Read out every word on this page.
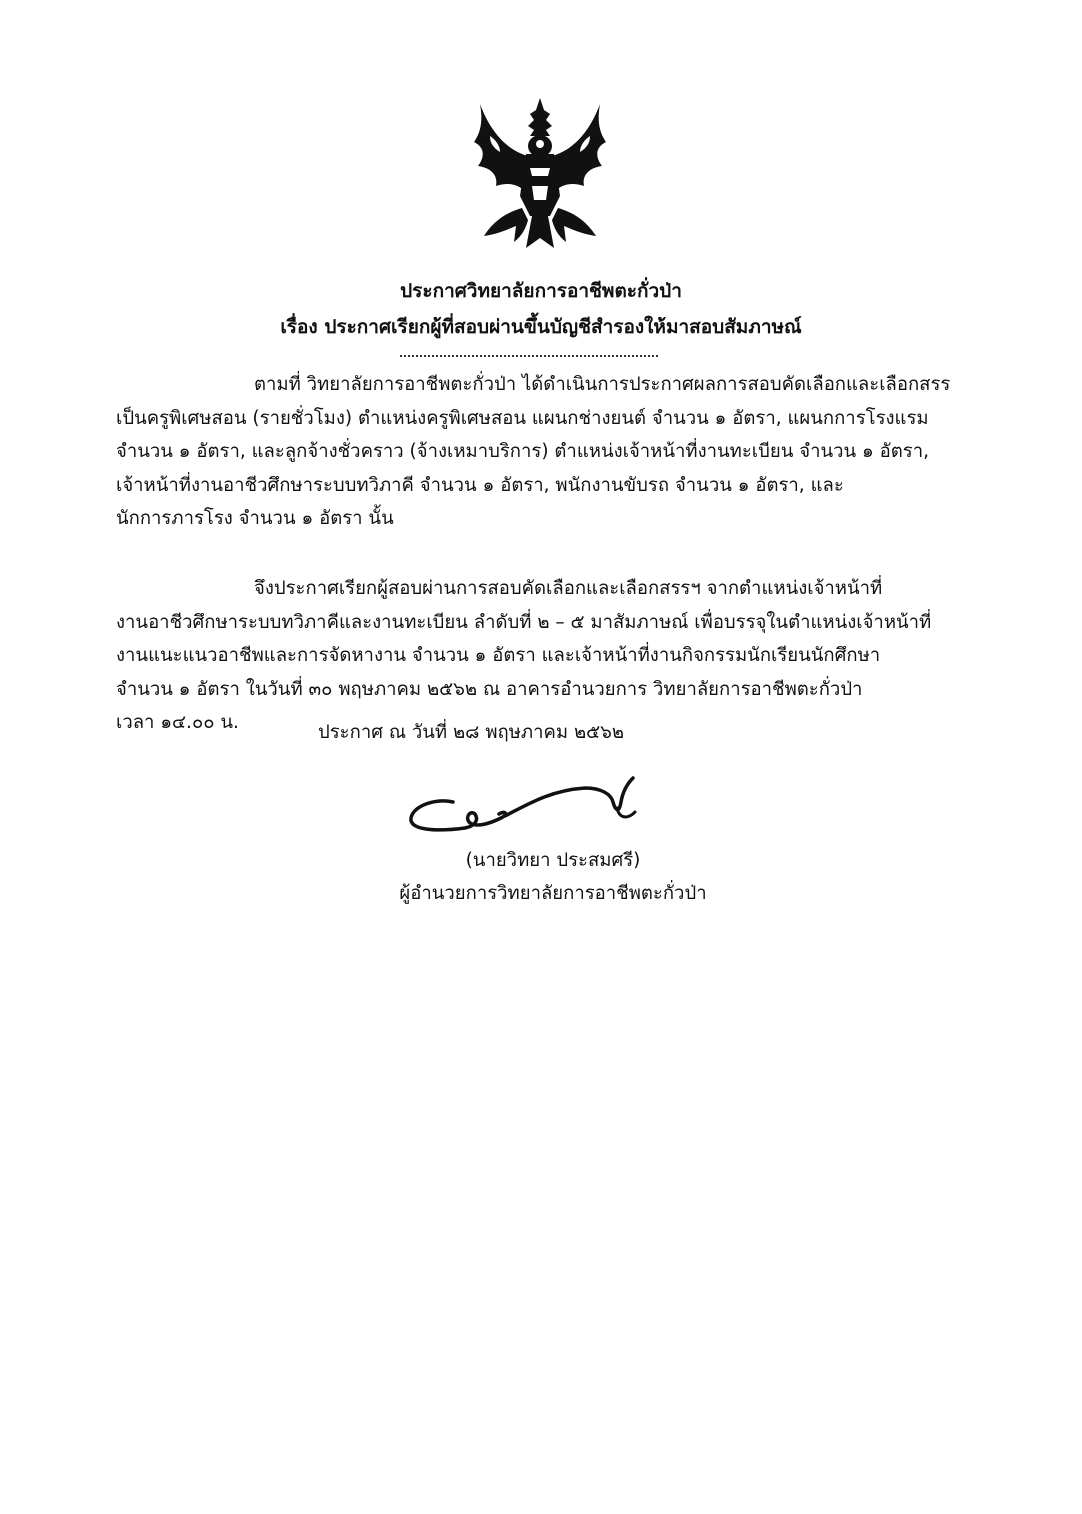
ประกาศวิทยาลัยการอาชีพตะกั่วป่า
เรื่อง ประกาศเรียกผู้ที่สอบผ่านขึ้นบัญชีสำรองให้มาสอบสัมภาษณ์
ตามที่ วิทยาลัยการอาชีพตะกั่วป่า ได้ดำเนินการประกาศผลการสอบคัดเลือกและเลือกสรร
เป็นครูพิเศษสอน (รายชั่วโมง) ตำแหน่งครูพิเศษสอน แผนกช่างยนต์ จำนวน ๑ อัตรา, แผนกการโรงแรม
จำนวน ๑ อัตรา, และลูกจ้างชั่วคราว (จ้างเหมาบริการ) ตำแหน่งเจ้าหน้าที่งานทะเบียน จำนวน ๑ อัตรา,
เจ้าหน้าที่งานอาชีวศึกษาระบบทวิภาคี จำนวน ๑ อัตรา, พนักงานขับรถ จำนวน ๑ อัตรา, และ
นักการภารโรง จำนวน ๑ อัตรา นั้น
จึงประกาศเรียกผู้สอบผ่านการสอบคัดเลือกและเลือกสรรฯ จากตำแหน่งเจ้าหน้าที่
งานอาชีวศึกษาระบบทวิภาคีและงานทะเบียน ลำดับที่ ๒ – ๕ มาสัมภาษณ์ เพื่อบรรจุในตำแหน่งเจ้าหน้าที่
งานแนะแนวอาชีพและการจัดหางาน จำนวน ๑ อัตรา และเจ้าหน้าที่งานกิจกรรมนักเรียนนักศึกษา
จำนวน ๑ อัตรา ในวันที่ ๓๐ พฤษภาคม ๒๕๖๒ ณ อาคารอำนวยการ วิทยาลัยการอาชีพตะกั่วป่า
เวลา ๑๔.๐๐ น.	ประกาศ ณ วันที่ ๒๘ พฤษภาคม ๒๕๖๒
(นายวิทยา ประสมศรี)
ผู้อำนวยการวิทยาลัยการอาชีพตะกั่วป่า
